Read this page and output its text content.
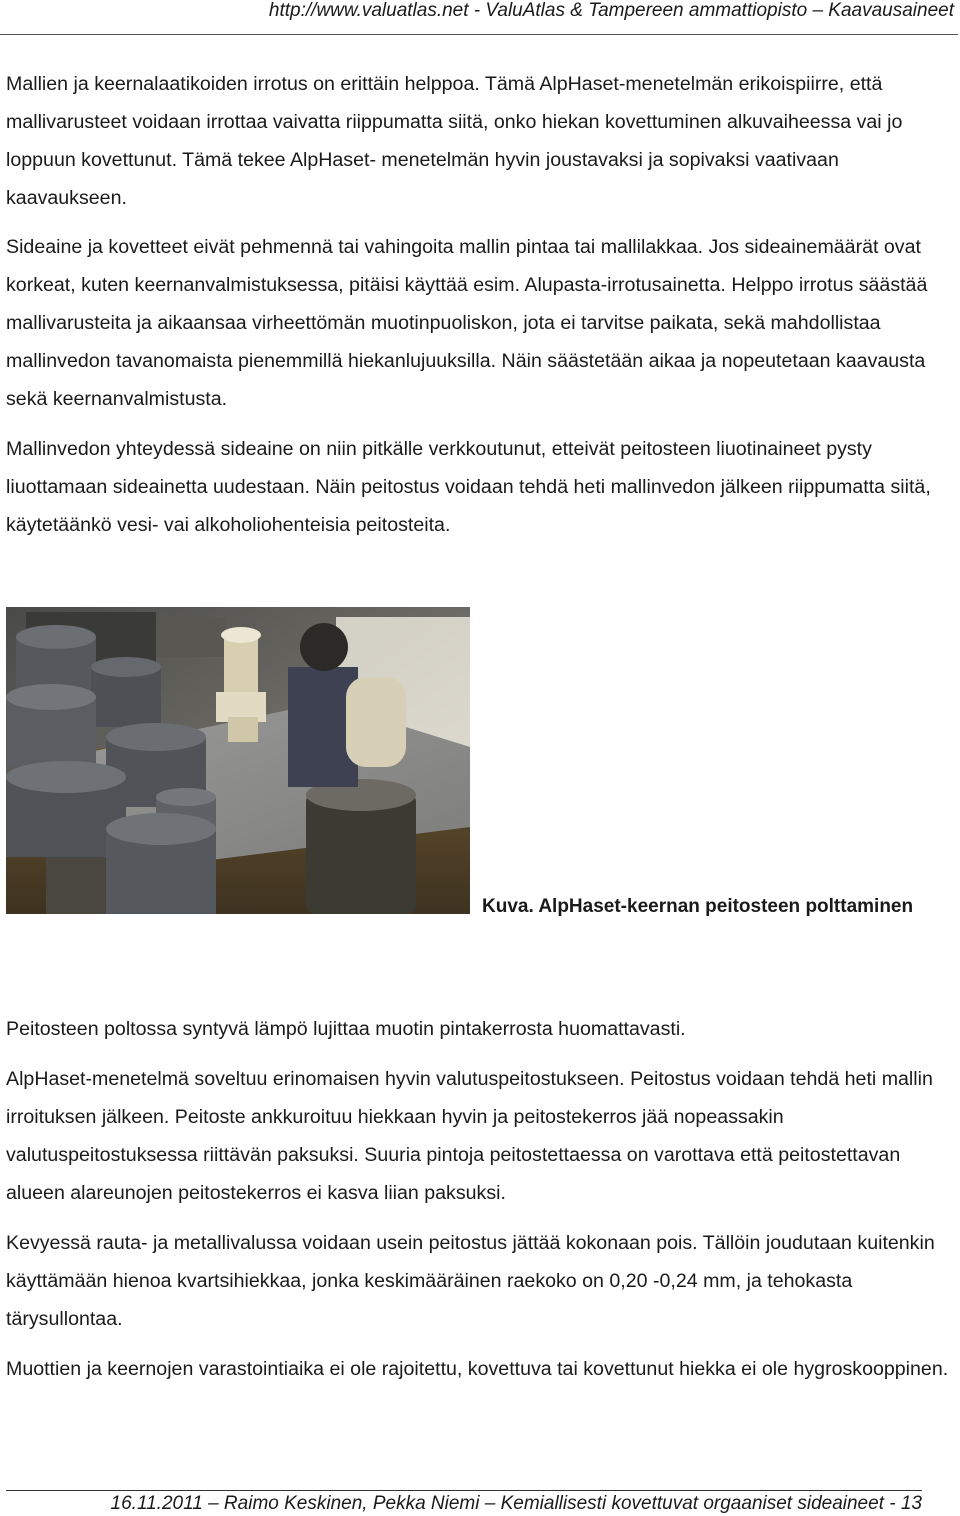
http://www.valuatlas.net - ValuAtlas & Tampereen ammattiopisto – Kaavausaineet

Mallien ja keernalaatikoiden irrotus on erittäin helppoa. Tämä AlpHaset-menetelmän erikoispiirre, että mallivarusteet voidaan irrottaa vaivatta riippumatta siitä, onko hiekan kovettuminen alkuvaiheessa vai jo loppuun kovettunut. Tämä tekee AlpHaset- menetelmän hyvin joustavaksi ja sopivaksi vaativaan kaavaukseen.

Sideaine ja kovetteet eivät pehmennä tai vahingoita mallin pintaa tai mallilakkaa. Jos sideainemäärät ovat korkeat, kuten keernanvalmistuksessa, pitäisi käyttää esim. Alupasta-irrotusainetta. Helppo irrotus säästää mallivarusteita ja aikaansaa virheettömän muotinpuoliskon, jota ei tarvitse paikata, sekä mahdollistaa mallinvedon tavanomaista pienemmillä hiekanlujuuksilla. Näin säästetään aikaa ja nopeutetaan kaavausta sekä keernanvalmistusta.

Mallinvedon yhteydessä sideaine on niin pitkälle verkkoutunut, etteivät peitosteen liuotinaineet pysty liuottamaan sideainetta uudestaan. Näin peitostus voidaan tehdä heti mallinvedon jälkeen riippumatta siitä, käytetäänkö vesi- vai alkoholiohenteisia peitosteita.

Kuva. AlpHaset-keernan peitosteen polttaminen

Peitosteen poltossa syntyvä lämpö lujittaa muotin pintakerrosta huomattavasti.

AlpHaset-menetelmä soveltuu erinomaisen hyvin valutuspeitostukseen. Peitostus voidaan tehdä heti mallin irroituksen jälkeen. Peitoste ankkuroituu hiekkaan hyvin ja peitostekerros jää nopeassakin valutuspeitostuksessa riittävän paksuksi. Suuria pintoja peitostettaessa on varottava että peitostettavan alueen alareunojen peitostekerros ei kasva liian paksuksi.

Kevyessä rauta- ja metallivalussa voidaan usein peitostus jättää kokonaan pois. Tällöin joudutaan kuitenkin käyttämään hienoa kvartsihiekkaa, jonka keskimääräinen raekoko on 0,20 -0,24 mm, ja tehokasta tärysullontaa.

Muottien ja keernojen varastointiaika ei ole rajoitettu, kovettuva tai kovettunut hiekka ei ole hygroskooppinen.

16.11.2011 – Raimo Keskinen, Pekka Niemi – Kemiallisesti kovettuvat orgaaniset sideaineet - 13
